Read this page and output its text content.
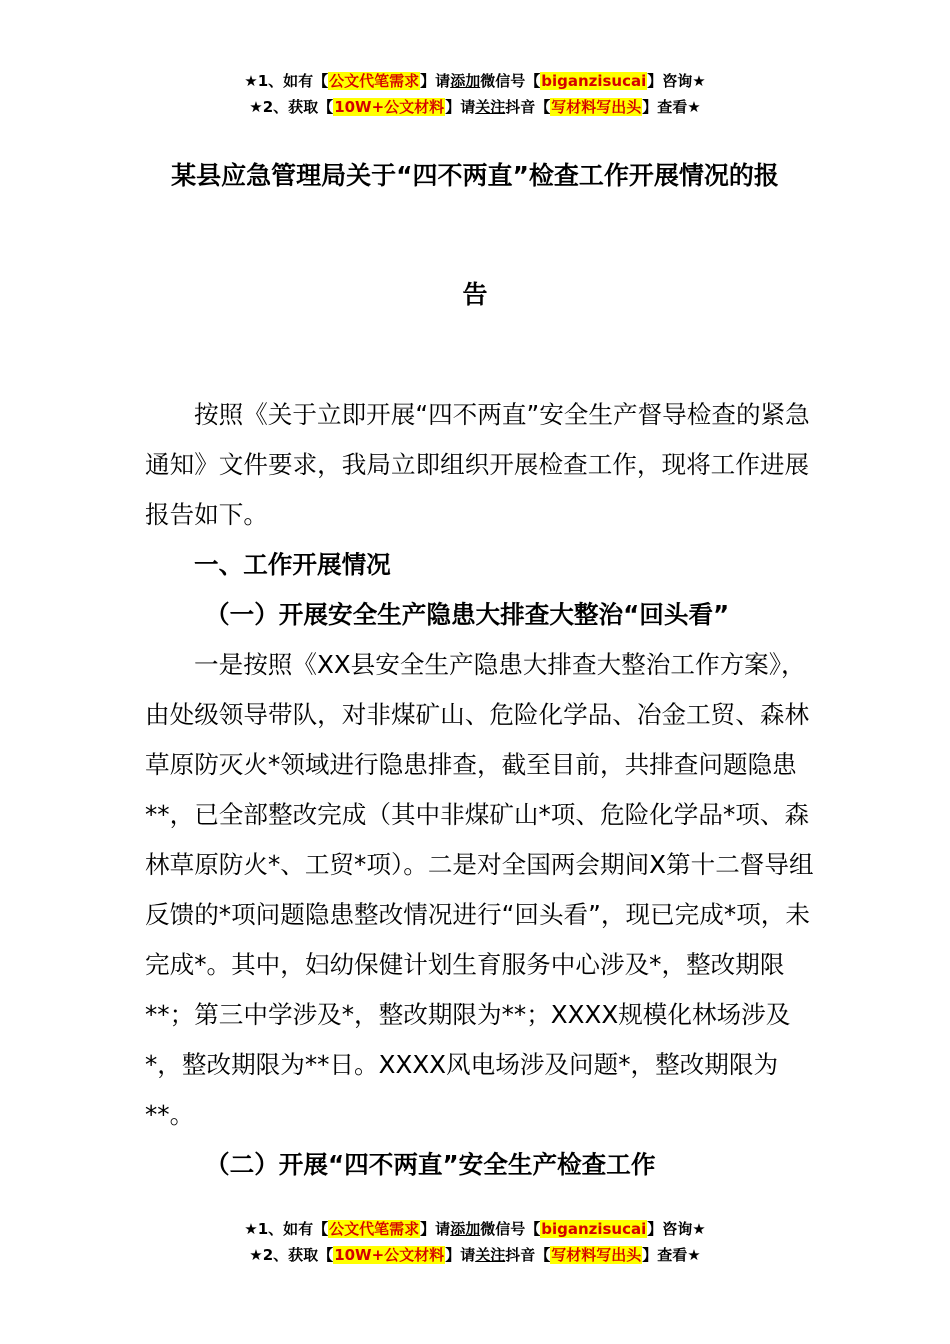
★1、如有【公文代笔需求】请添加微信号【biganzisucai】咨询★
★2、获取【10W+公文材料】请关注抖音【写材料写出头】查看★
某县应急管理局关于“四不两直”检查工作开展情况的报
告

按照《关于立即开展“四不两直”安全生产督导检查的紧急通知》文件要求，我局立即组织开展检查工作，现将工作进展报告如下。

一、工作开展情况

（一）开展安全生产隐患大排查大整治“回头看”

一是按照《XX县安全生产隐患大排查大整治工作方案》，由处级领导带队，对非煤矿山、危险化学品、冶金工贸、森林草原防灭火*领域进行隐患排查，截至目前，共排查问题隐患**，已全部整改完成（其中非煤矿山*项、危险化学品*项、森林草原防火*、工贸*项）。二是对全国两会期间X第十二督导组反馈的*项问题隐患整改情况进行“回头看”，现已完成*项，未完成*。其中，妇幼保健计划生育服务中心涉及*，整改期限**；第三中学涉及*，整改期限为**；XXXX规模化林场涉及*，整改期限为**日。XXXX风电场涉及问题*，整改期限为**。

（二）开展“四不两直”安全生产检查工作

★1、如有【公文代笔需求】请添加微信号【biganzisucai】咨询★
★2、获取【10W+公文材料】请关注抖音【写材料写出头】查看★
